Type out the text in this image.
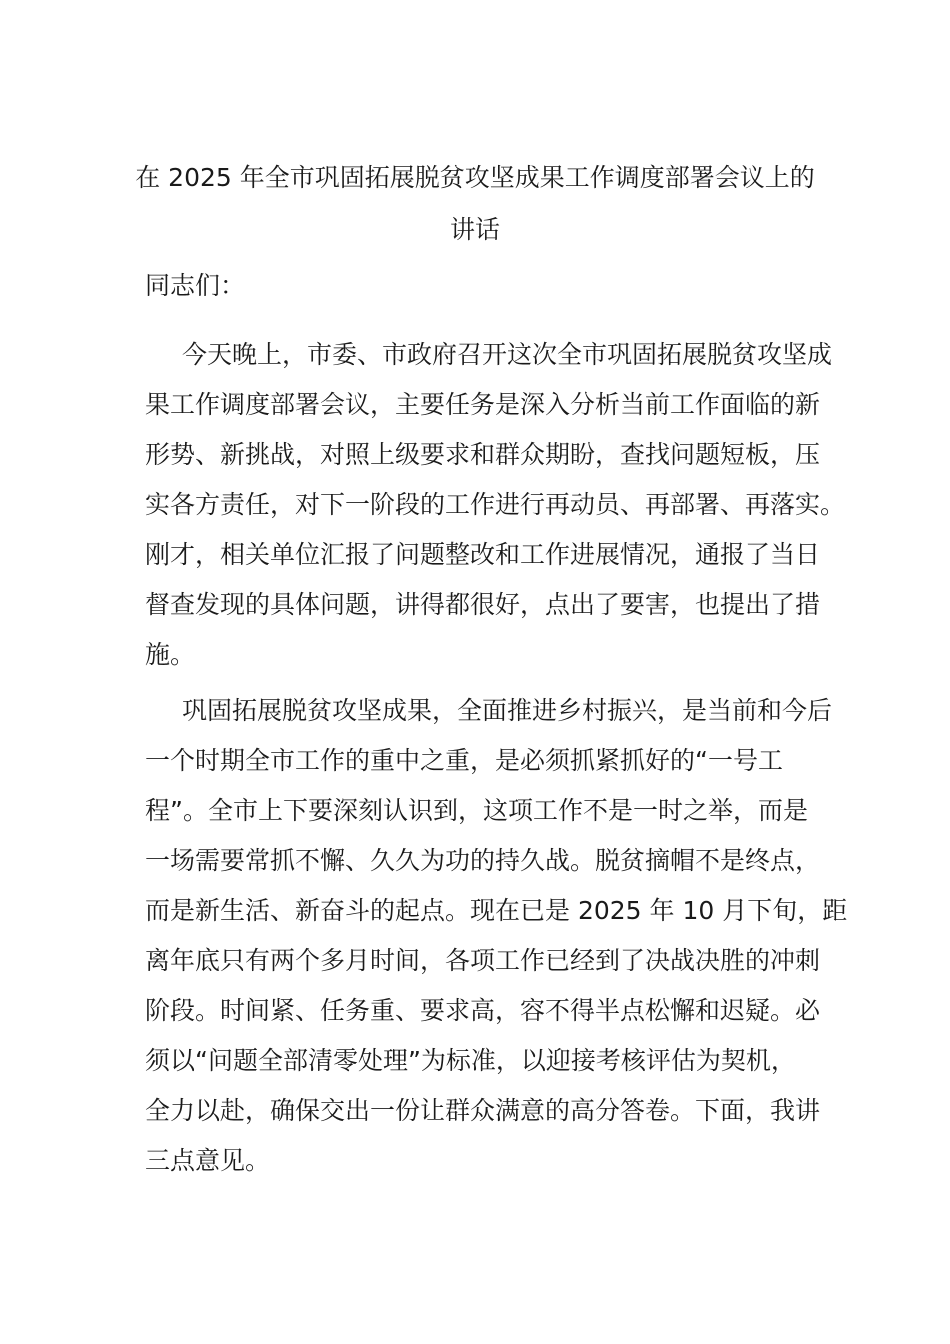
在 2025 年全市巩固拓展脱贫攻坚成果工作调度部署会议上的
讲话

同志们：

今天晚上，市委、市政府召开这次全市巩固拓展脱贫攻坚成
果工作调度部署会议，主要任务是深入分析当前工作面临的新
形势、新挑战，对照上级要求和群众期盼，查找问题短板，压
实各方责任，对下一阶段的工作进行再动员、再部署、再落实。
刚才，相关单位汇报了问题整改和工作进展情况，通报了当日
督查发现的具体问题，讲得都很好，点出了要害，也提出了措
施。
巩固拓展脱贫攻坚成果，全面推进乡村振兴，是当前和今后
一个时期全市工作的重中之重，是必须抓紧抓好的“一号工
程”。全市上下要深刻认识到，这项工作不是一时之举，而是
一场需要常抓不懈、久久为功的持久战。脱贫摘帽不是终点，
而是新生活、新奋斗的起点。现在已是 2025 年 10 月下旬，距
离年底只有两个多月时间，各项工作已经到了决战决胜的冲刺
阶段。时间紧、任务重、要求高，容不得半点松懈和迟疑。必
须以“问题全部清零处理”为标准，以迎接考核评估为契机，
全力以赴，确保交出一份让群众满意的高分答卷。下面，我讲
三点意见。
